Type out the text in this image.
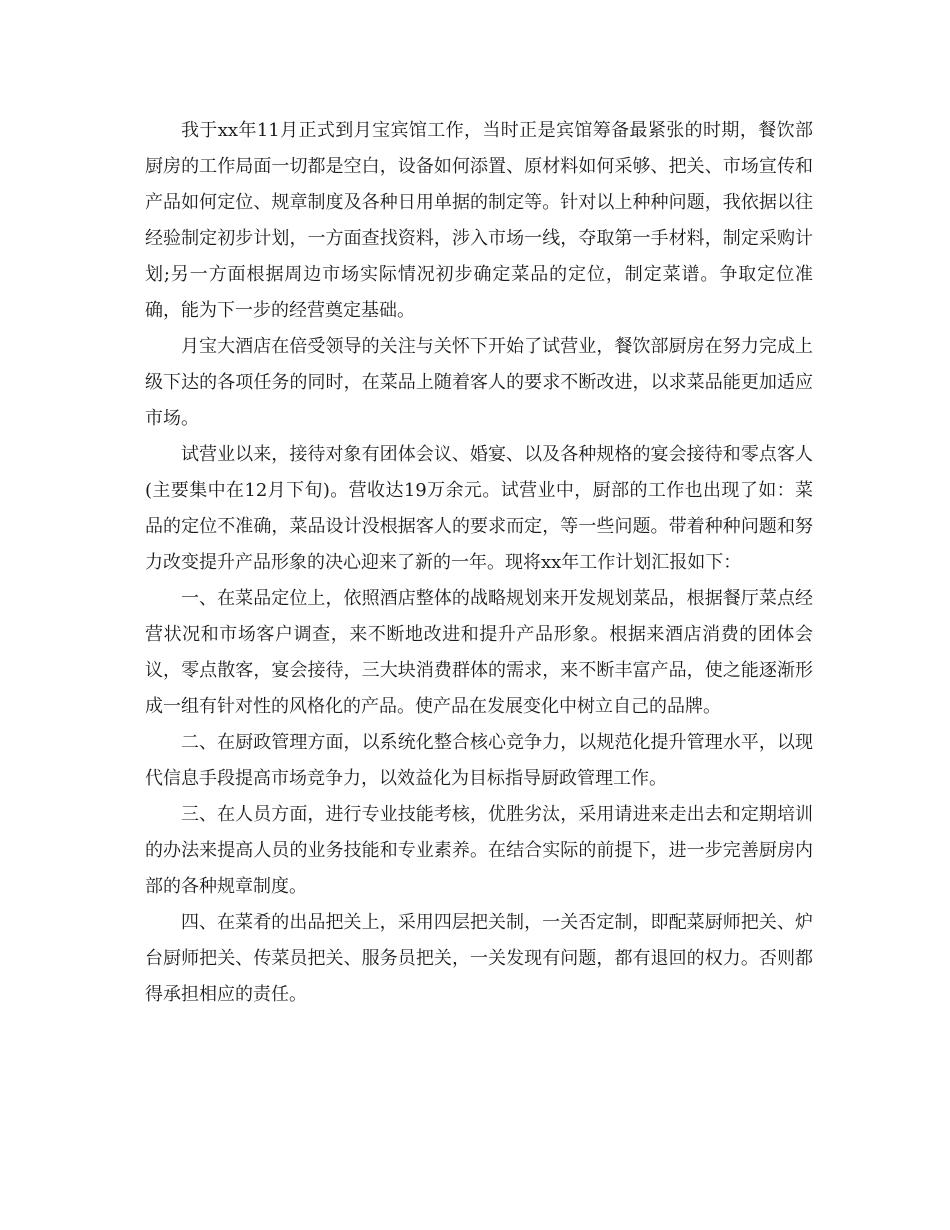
我于xx年11月正式到月宝宾馆工作，当时正是宾馆筹备最紧张的时期，餐饮部厨房的工作局面一切都是空白，设备如何添置、原材料如何采够、把关、市场宣传和产品如何定位、规章制度及各种日用单据的制定等。针对以上种种问题，我依据以往经验制定初步计划，一方面查找资料，涉入市场一线，夺取第一手材料，制定采购计划;另一方面根据周边市场实际情况初步确定菜品的定位，制定菜谱。争取定位准确，能为下一步的经营奠定基础。

月宝大酒店在倍受领导的关注与关怀下开始了试营业，餐饮部厨房在努力完成上级下达的各项任务的同时，在菜品上随着客人的要求不断改进，以求菜品能更加适应市场。

试营业以来，接待对象有团体会议、婚宴、以及各种规格的宴会接待和零点客人(主要集中在12月下旬)。营收达19万余元。试营业中，厨部的工作也出现了如：菜品的定位不准确，菜品设计没根据客人的要求而定，等一些问题。带着种种问题和努力改变提升产品形象的决心迎来了新的一年。现将xx年工作计划汇报如下：

一、在菜品定位上，依照酒店整体的战略规划来开发规划菜品，根据餐厅菜点经营状况和市场客户调查，来不断地改进和提升产品形象。根据来酒店消费的团体会议，零点散客，宴会接待，三大块消费群体的需求，来不断丰富产品，使之能逐渐形成一组有针对性的风格化的产品。使产品在发展变化中树立自己的品牌。

二、在厨政管理方面，以系统化整合核心竞争力，以规范化提升管理水平，以现代信息手段提高市场竞争力，以效益化为目标指导厨政管理工作。

三、在人员方面，进行专业技能考核，优胜劣汰，采用请进来走出去和定期培训的办法来提高人员的业务技能和专业素养。在结合实际的前提下，进一步完善厨房内部的各种规章制度。

四、在菜肴的出品把关上，采用四层把关制，一关否定制，即配菜厨师把关、炉台厨师把关、传菜员把关、服务员把关，一关发现有问题，都有退回的权力。否则都得承担相应的责任。
